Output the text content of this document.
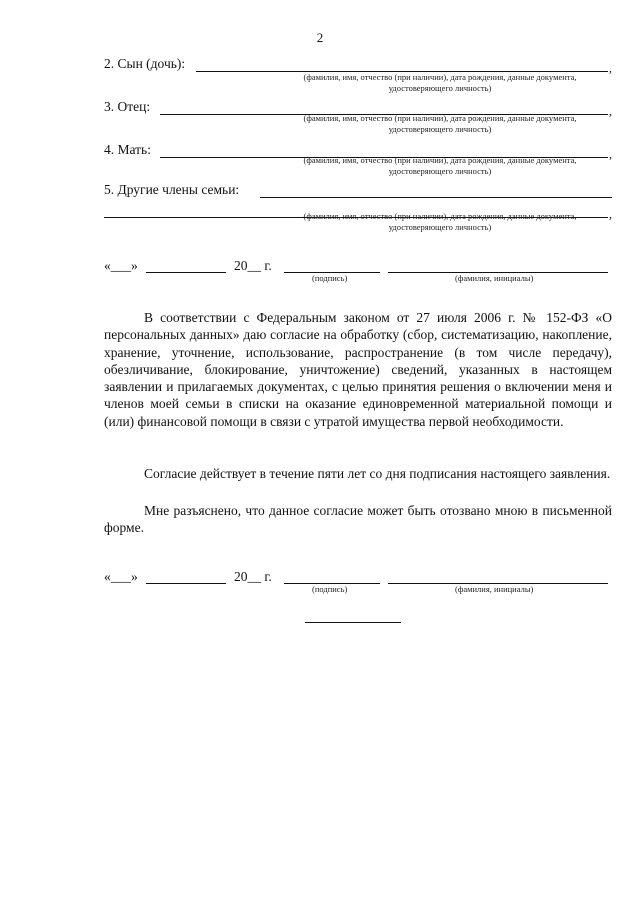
2
2. Сын (дочь):	,
(фамилия, имя, отчество (при наличии), дата рождения, данные документа,
удостоверяющего личность)
3. Отец:	,
(фамилия, имя, отчество (при наличии), дата рождения, данные документа,
удостоверяющего личность)
4. Мать:	,
(фамилия, имя, отчество (при наличии), дата рождения, данные документа,
удостоверяющего личность)
5. Другие члены семьи:
,
(фамилия, имя, отчество (при наличии), дата рождения, данные документа,
удостоверяющего личность)
«___»	20__ г.
(подпись)	(фамилия, инициалы)

В соответствии с Федеральным законом от 27 июля 2006 г. № 152-ФЗ «О персональных данных» даю согласие на обработку (сбор, систематизацию, накопление, хранение, уточнение, использование, распространение (в том числе передачу), обезличивание, блокирование, уничтожение) сведений, указанных в настоящем заявлении и прилагаемых документах, с целью принятия решения о включении меня и членов моей семьи в списки на оказание единовременной материальной помощи и (или) финансовой помощи в связи с утратой имущества первой необходимости.

Согласие действует в течение пяти лет со дня подписания настоящего заявления.

Мне разъяснено, что данное согласие может быть отозвано мною в письменной форме.

«___»	20__ г.
(подпись)	(фамилия, инициалы)
